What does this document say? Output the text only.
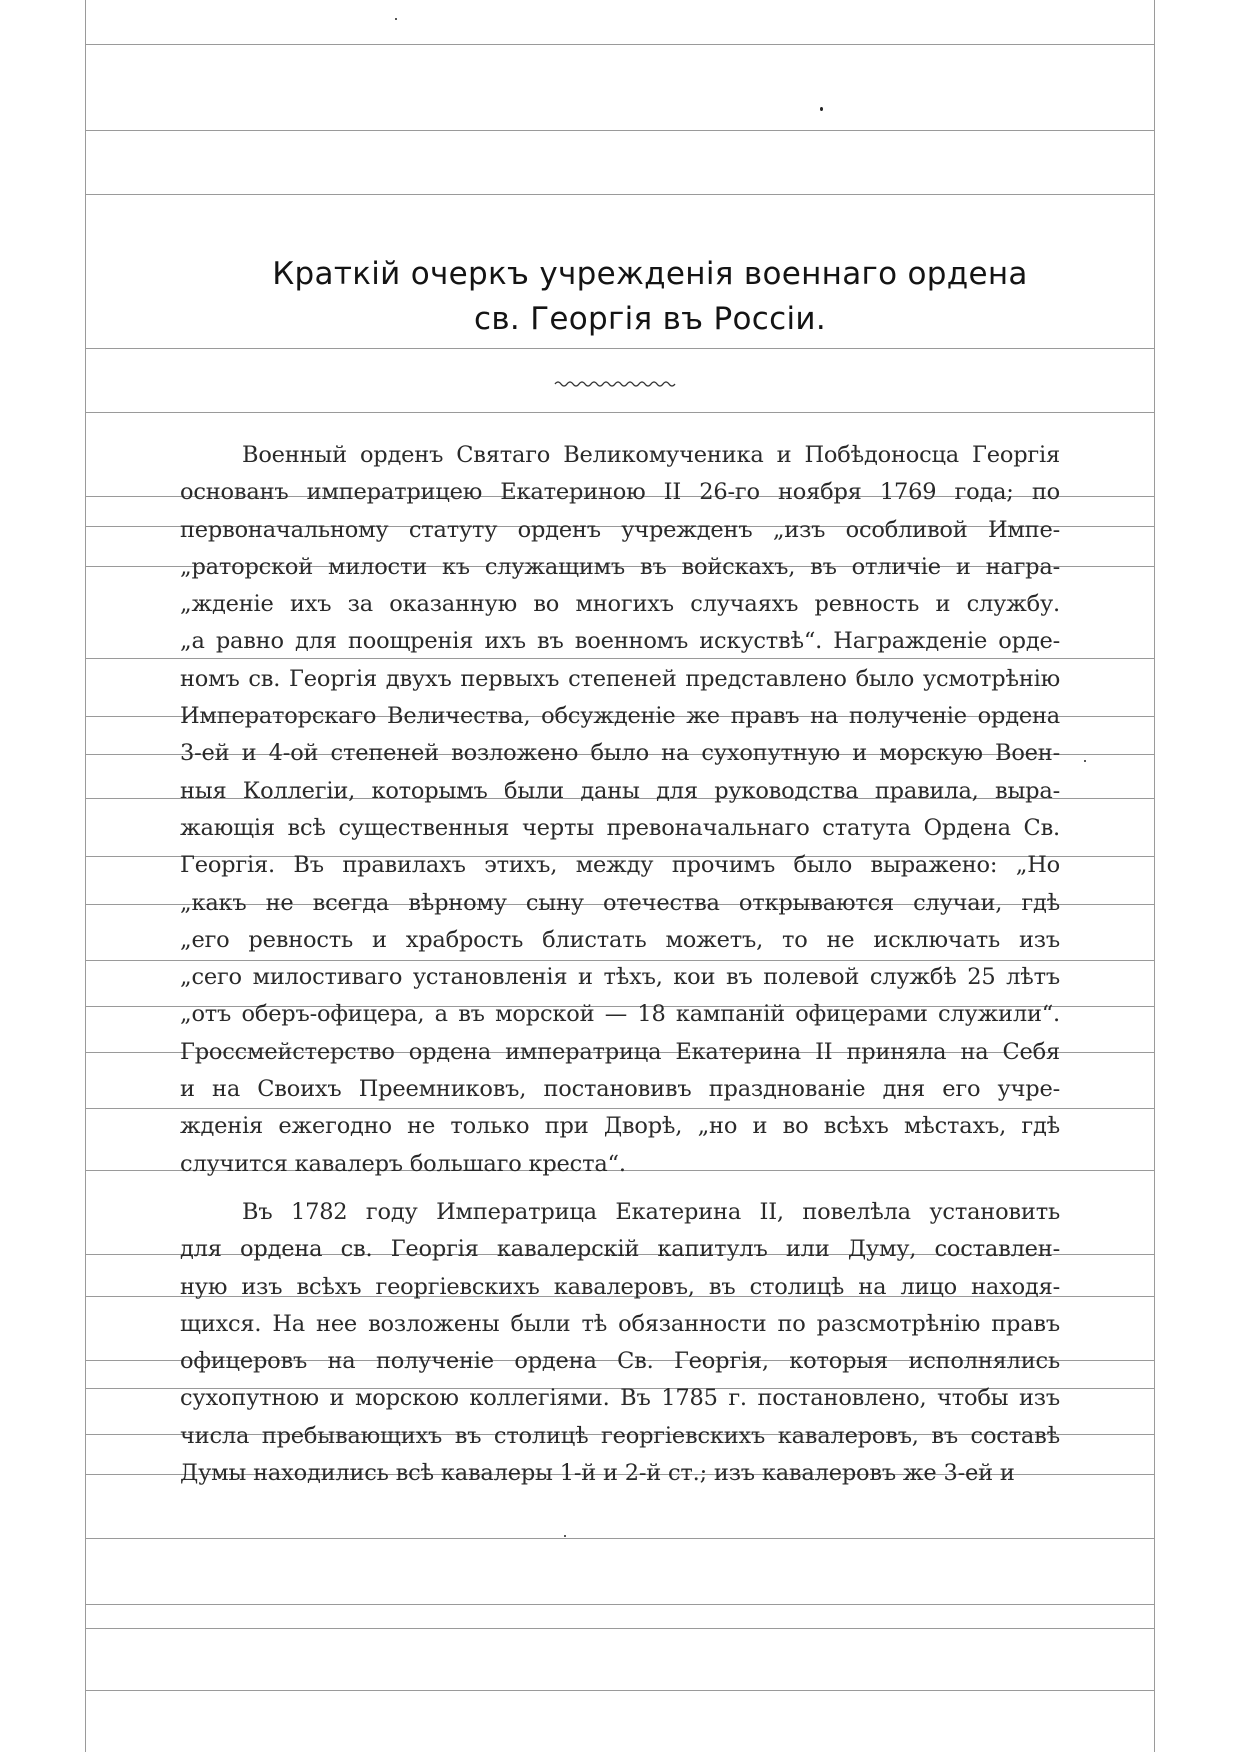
Краткій очеркъ учрежденія военнаго ордена
св. Георгія въ Россіи.

Военный орденъ Святаго Великомученика и Побѣдоносца Георгія
основанъ императрицею Екатериною II 26-го ноября 1769 года; по
первоначальному статуту орденъ учрежденъ „изъ особливой Импе-
„раторской милости къ служащимъ въ войскахъ, въ отличіе и награ-
„жденіе ихъ за оказанную во многихъ случаяхъ ревность и службу.
„а равно для поощренія ихъ въ военномъ искуствѣ“. Награжденіе орде-
номъ св. Георгія двухъ первыхъ степеней представлено было усмотрѣнію
Императорскаго Величества, обсужденіе же правъ на полученіе ордена
3-ей и 4-ой степеней возложено было на сухопутную и морскую Воен-
ныя Коллегіи, которымъ были даны для руководства правила, выра-
жающія всѣ существенныя черты превоначальнаго статута Ордена Св.
Георгія. Въ правилахъ этихъ, между прочимъ было выражено: „Но
„какъ не всегда вѣрному сыну отечества открываются случаи, гдѣ
„его ревность и храбрость блистать можетъ, то не исключать изъ
„сего милостиваго установленія и тѣхъ, кои въ полевой службѣ 25 лѣтъ
„отъ оберъ-офицера, а въ морской — 18 кампаній офицерами служили“.
Гроссмейстерство ордена императрица Екатерина II приняла на Себя
и на Своихъ Преемниковъ, постановивъ празднованіе дня его учре-
жденія ежегодно не только при Дворѣ, „но и во всѣхъ мѣстахъ, гдѣ
случится кавалеръ большаго креста“.

Въ 1782 году Императрица Екатерина II, повелѣла установить
для ордена св. Георгія кавалерскій капитулъ или Думу, составлен-
ную изъ всѣхъ георгіевскихъ кавалеровъ, въ столицѣ на лицо находя-
щихся. На нее возложены были тѣ обязанности по разсмотрѣнію правъ
офицеровъ на полученіе ордена Св. Георгія, которыя исполнялись
сухопутною и морскою коллегіями. Въ 1785 г. постановлено, чтобы изъ
числа пребывающихъ въ столицѣ георгіевскихъ кавалеровъ, въ составѣ
Думы находились всѣ кавалеры 1-й и 2-й ст.; изъ кавалеровъ же 3-ей и
